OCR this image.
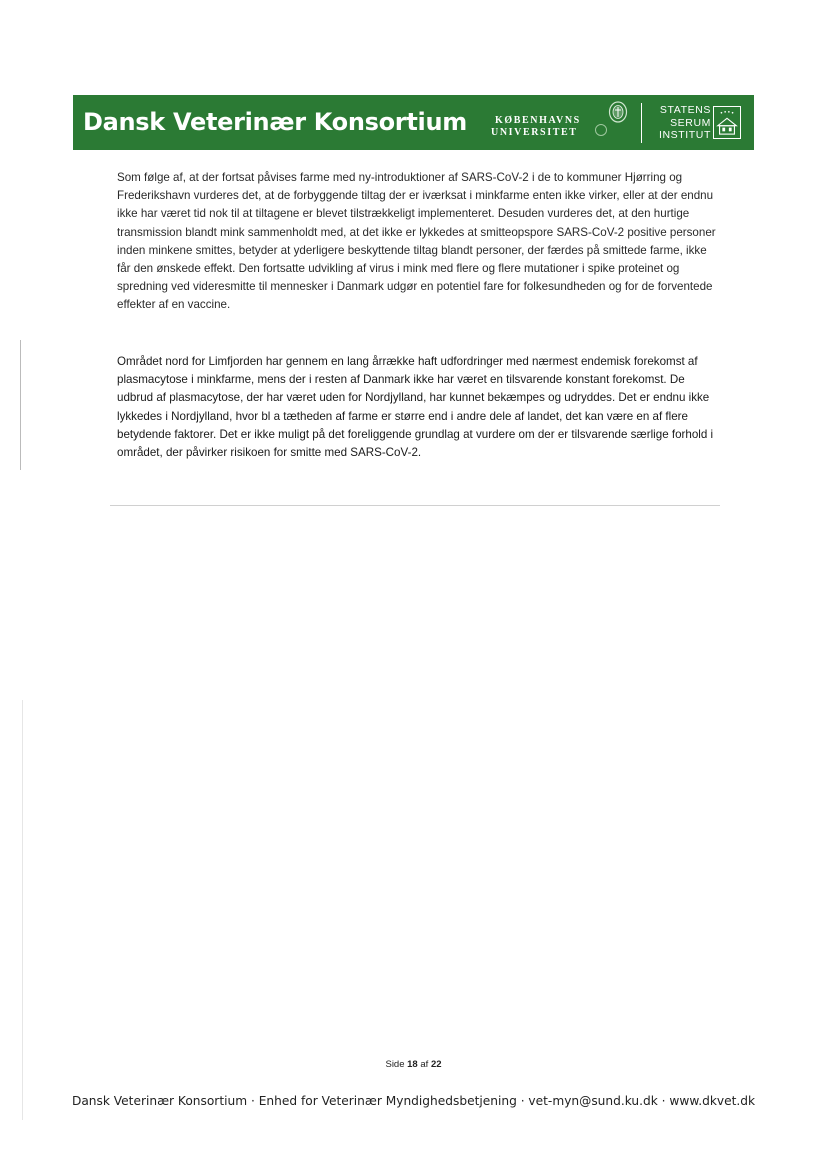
Dansk Veterinær Konsortium	KØBENHAVNS
UNIVERSITET
STATENS
SERUM
INSTITUT

Som følge af, at der fortsat påvises farme med ny-introduktioner af SARS-CoV-2 i de to kommuner Hjørring og Frederikshavn vurderes det, at de forbyggende tiltag der er iværksat i minkfarme enten ikke virker, eller at der endnu ikke har været tid nok til at tiltagene er blevet tilstrækkeligt implementeret. Desuden vurderes det, at den hurtige transmission blandt mink sammenholdt med, at det ikke er lykkedes at smitteopspore SARS-CoV-2 positive personer inden minkene smittes, betyder at yderligere beskyttende tiltag blandt personer, der færdes på smittede farme, ikke får den ønskede effekt. Den fortsatte udvikling af virus i mink med flere og flere mutationer i spike proteinet og spredning ved videresmitte til mennesker i Danmark udgør en potentiel fare for folkesundheden og for de forventede effekter af en vaccine.

Området nord for Limfjorden har gennem en lang årrække haft udfordringer med nærmest endemisk forekomst af plasmacytose i minkfarme, mens der i resten af Danmark ikke har været en tilsvarende konstant forekomst. De udbrud af plasmacytose, der har været uden for Nordjylland, har kunnet bekæmpes og udryddes. Det er endnu ikke lykkedes i Nordjylland, hvor bl a tætheden af farme er større end i andre dele af landet, det kan være en af flere betydende faktorer. Det er ikke muligt på det foreliggende grundlag at vurdere om der er tilsvarende særlige forhold i området, der påvirker risikoen for smitte med SARS-CoV-2.

Side 18 af 22
Dansk Veterinær Konsortium · Enhed for Veterinær Myndighedsbetjening · vet-myn@sund.ku.dk · www.dkvet.dk
